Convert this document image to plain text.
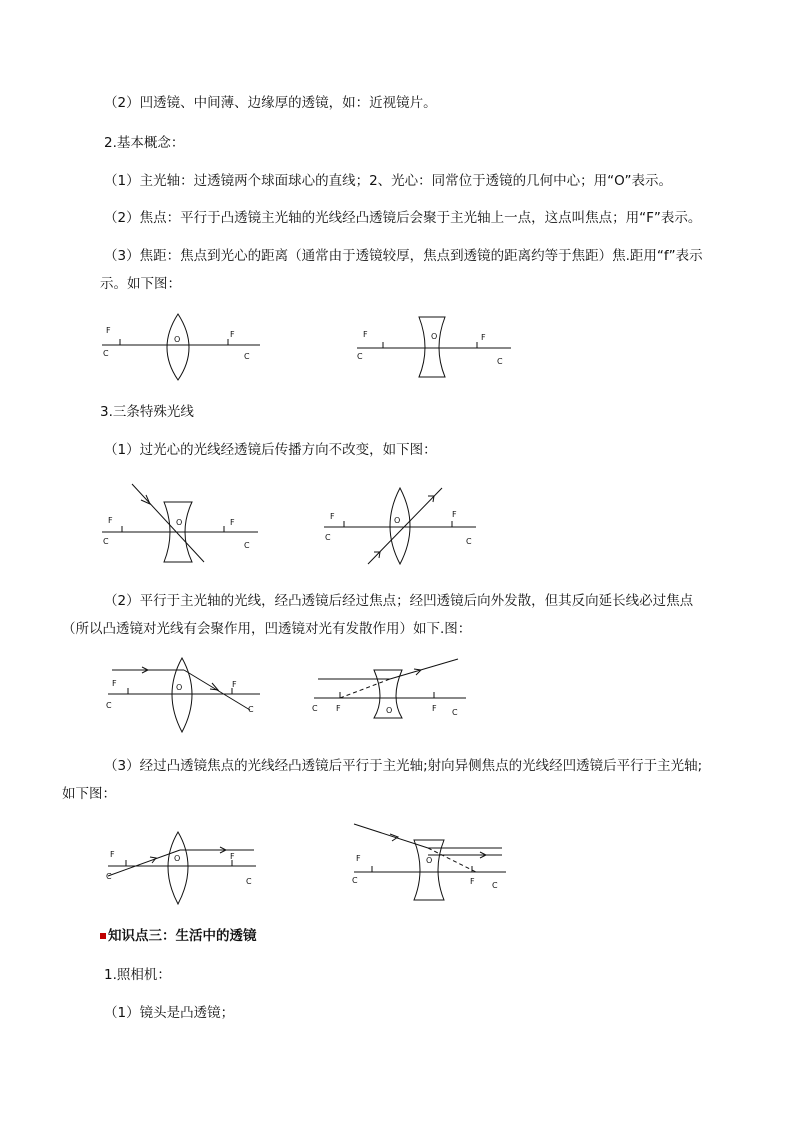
（2）凹透镜、中间薄、边缘厚的透镜，如：近视镜片。
2.基本概念：
（1）主光轴：过透镜两个球面球心的直线；2、光心：同常位于透镜的几何中心；用“O”表示。
（2）焦点：平行于凸透镜主光轴的光线经凸透镜后会聚于主光轴上一点，这点叫焦点；用“F”表示。
（3）焦距：焦点到光心的距离（通常由于透镜较厚，焦点到透镜的距离约等于焦距）焦.距用“f”表示
示。如下图：
F
C
O
F
C
F
C
O	F
C
3.三条特殊光线
（1）过光心的光线经透镜后传播方向不改变，如下图：
F
C
O	F
C
F
C
O
F
C
（2）平行于主光轴的光线，经凸透镜后经过焦点；经凹透镜后向外发散，但其反向延长线必过焦点
（所以凸透镜对光线有会聚作用，凹透镜对光有发散作用）如下.图：
F
C
O	F
C	C F	O	F C
（3）经过凸透镜焦点的光线经凸透镜后平行于主光轴;射向异侧焦点的光线经凹透镜后平行于主光轴;
如下图：
F
C
O	F
C
F
C
O
F C
知识点三：生活中的透镜
1.照相机：
（1）镜头是凸透镜；
